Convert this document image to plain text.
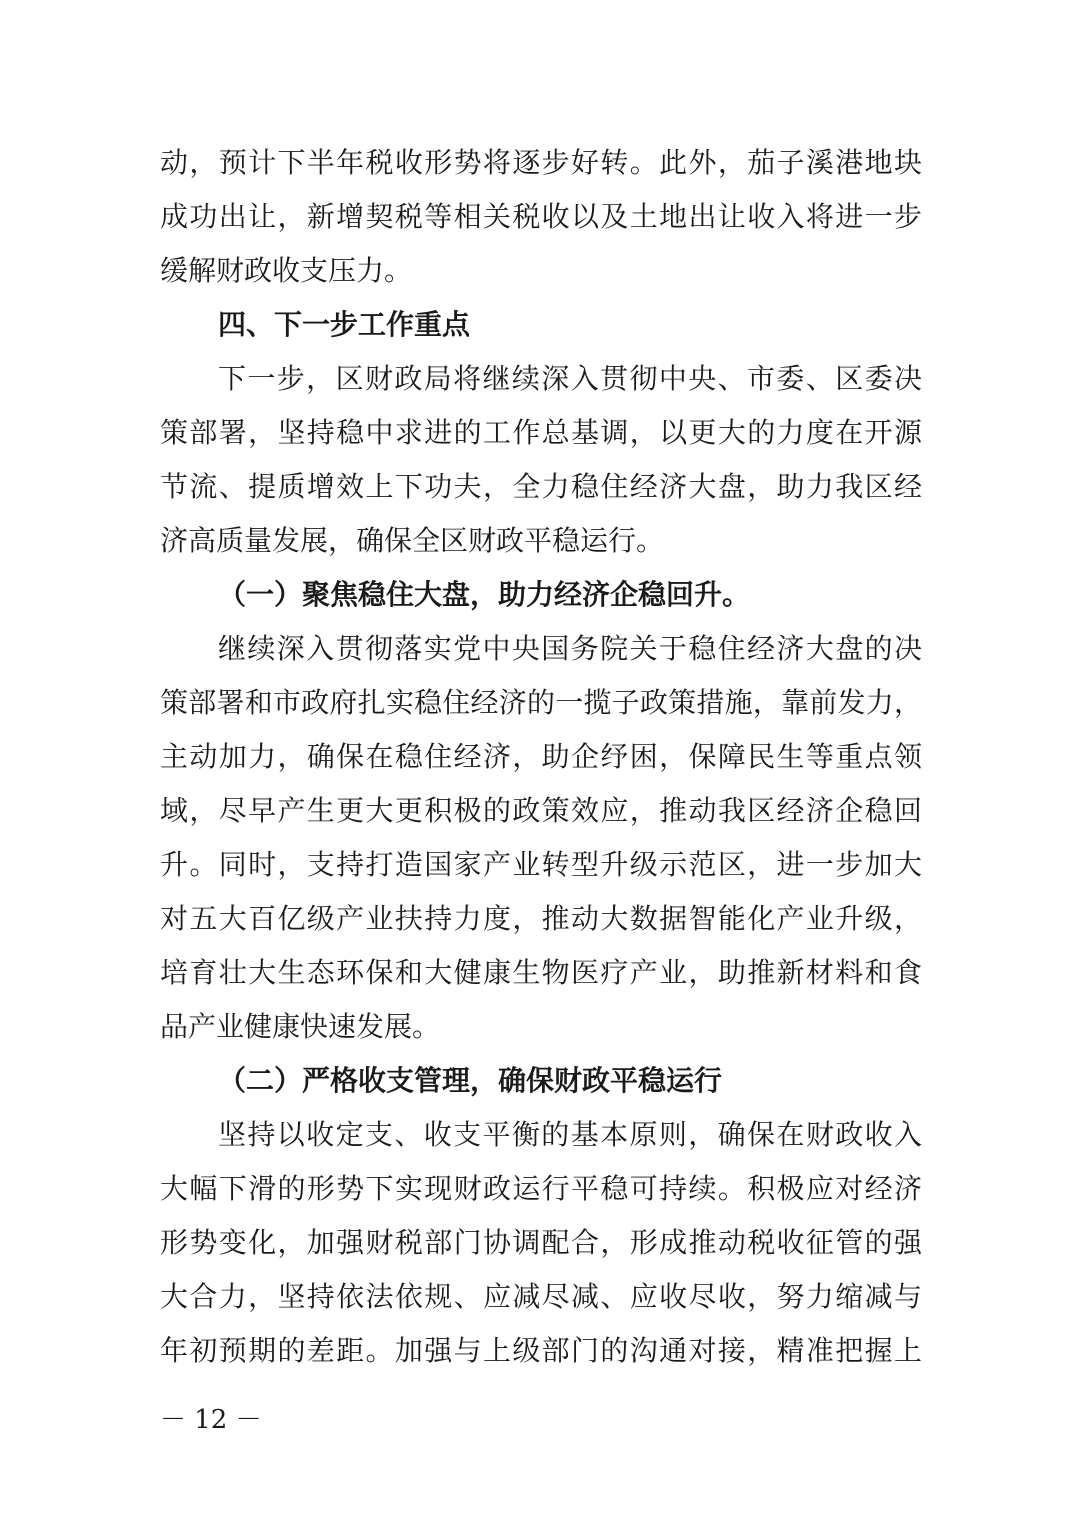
动，预计下半年税收形势将逐步好转。此外，茄子溪港地块
成功出让，新增契税等相关税收以及土地出让收入将进一步
缓解财政收支压力。
四、下一步工作重点
下一步，区财政局将继续深入贯彻中央、市委、区委决
策部署，坚持稳中求进的工作总基调，以更大的力度在开源
节流、提质增效上下功夫，全力稳住经济大盘，助力我区经
济高质量发展，确保全区财政平稳运行。
（一）聚焦稳住大盘，助力经济企稳回升。
继续深入贯彻落实党中央国务院关于稳住经济大盘的决
策部署和市政府扎实稳住经济的一揽子政策措施，靠前发力，
主动加力，确保在稳住经济，助企纾困，保障民生等重点领
域，尽早产生更大更积极的政策效应，推动我区经济企稳回
升。同时，支持打造国家产业转型升级示范区，进一步加大
对五大百亿级产业扶持力度，推动大数据智能化产业升级，
培育壮大生态环保和大健康生物医疗产业，助推新材料和食
品产业健康快速发展。
（二）严格收支管理，确保财政平稳运行
坚持以收定支、收支平衡的基本原则，确保在财政收入
大幅下滑的形势下实现财政运行平稳可持续。积极应对经济
形势变化，加强财税部门协调配合，形成推动税收征管的强
大合力，坚持依法依规、应减尽减、应收尽收，努力缩减与
年初预期的差距。加强与上级部门的沟通对接，精准把握上
－ 12 －
